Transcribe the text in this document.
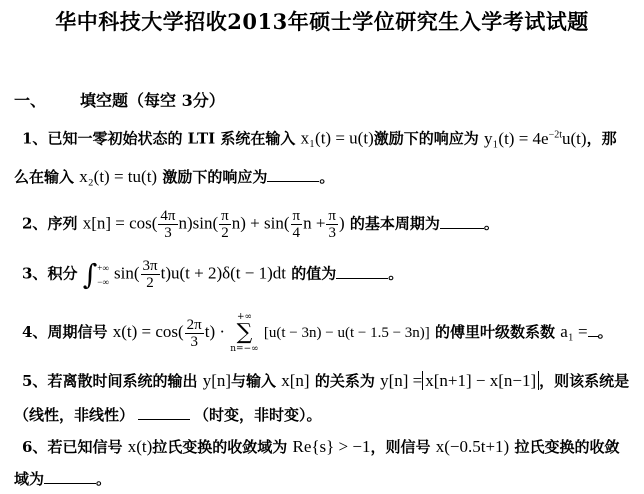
华中科技大学招收2013年硕士学位研究生入学考试试题
一、 填空题（每空 3分）
1、已知一零初始状态的 LTI 系统在输入 x₁(t) = u(t)激励下的响应为 $y_1(t) = 4e^{-2t}u(t)$，那
么在输入 x₂(t) = tu(t) 激励下的响应为	。
2、序列 $x[n] = \cos( \frac{4\pi}{3} n)\sin( \frac{\pi}{2} n) + \sin( \frac{\pi}{4}$ $n + \frac{\pi}{3}$ ) 的基本周期为	。
3、积分 ∫ +∞
−∞ $\sin( \frac{3\pi}{2} t)u(t + 2)\delta(t - 1)dt$ 的值为	。
4、周期信号 $x(t) = \cos( \frac{2\pi}{3} t)$ ·
+∞
∑
n=−∞
[u(t − 3n) − u(t − 1.5 − 3n)] 的傅里叶级数系数 a₁ = 。
5、若离散时间系统的输出 y[n]与输入 x[n] 的关系为 y[n] = x[n+1] − x[n−1] ，则该系统是
（线性，非线性）	（时变，非时变）。
6、若已知信号 x(t)拉氏变换的收敛域为 Re{s} > −1，则信号 x(−0.5t+1) 拉氏变换的收敛
域为	。
